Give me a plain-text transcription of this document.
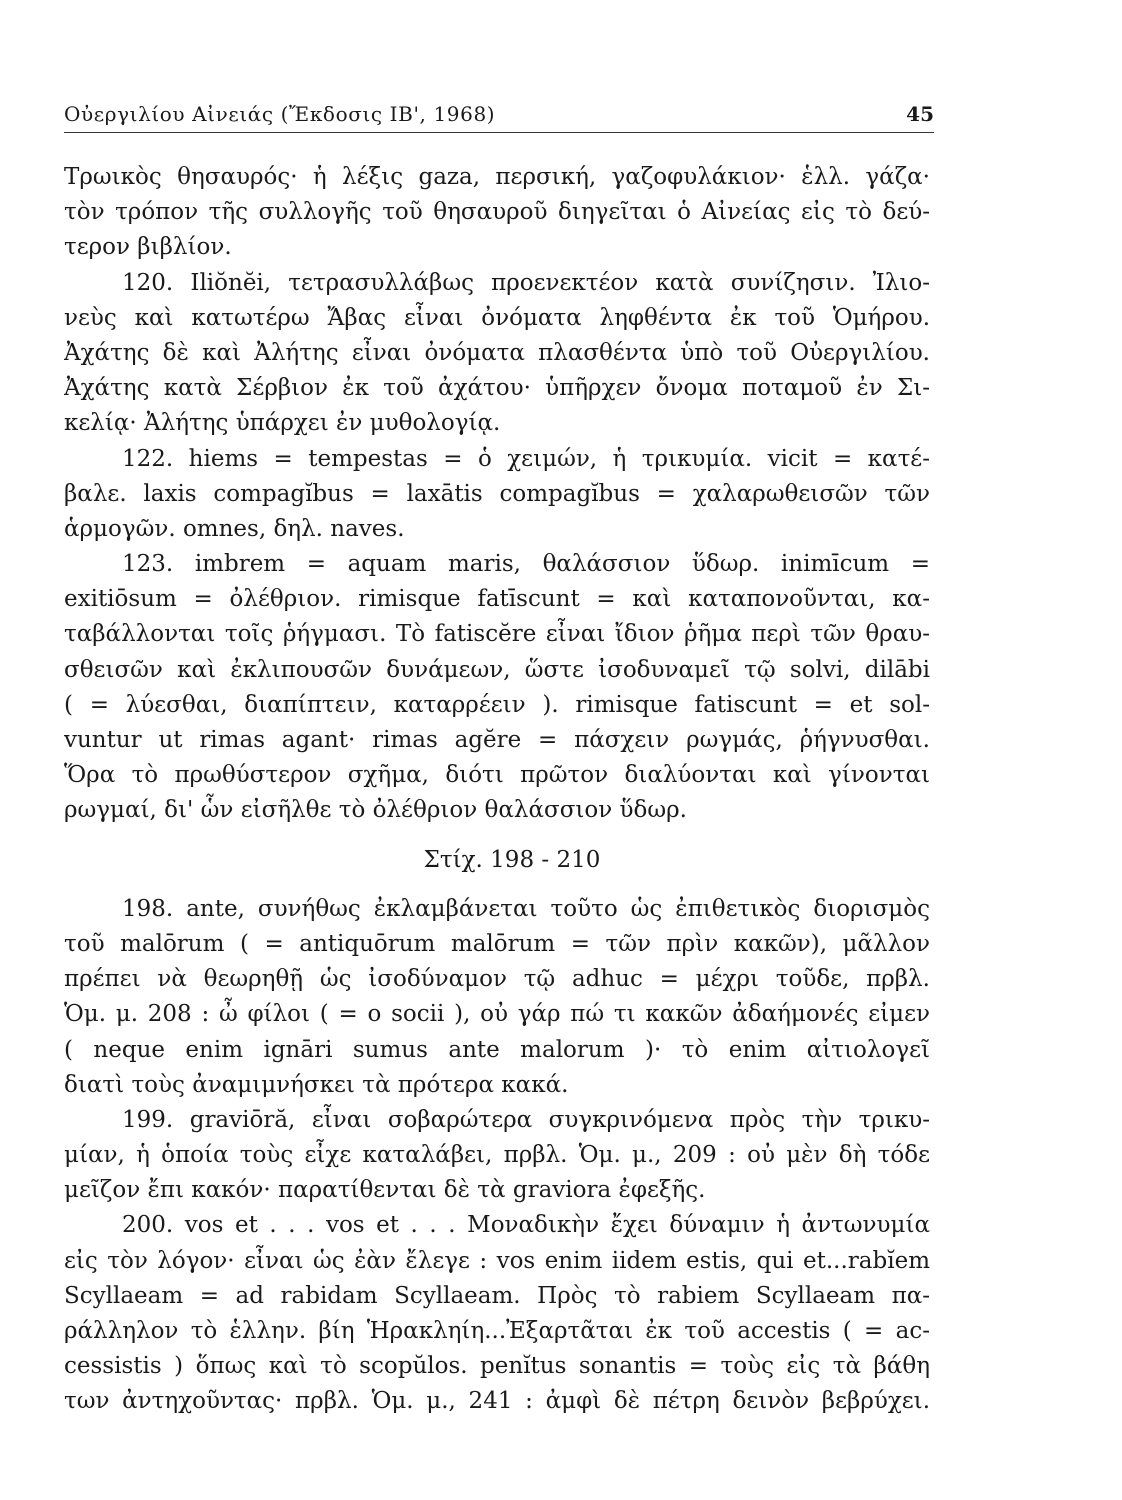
Οὐεργιλίου Αἰνειάς (Ἔκδοσις ΙΒ', 1968)	45
Τρωικὸς θησαυρός· ἡ λέξις gaza, περσική, γαζοφυλάκιον· ἑλλ. γάζα·
τὸν τρόπον τῆς συλλογῆς τοῦ θησαυροῦ διηγεῖται ὁ Αἰνείας εἰς τὸ δεύ-
τερον βιβλίον.
120. Iliŏnĕi, τετρασυλλάβως προενεκτέον κατὰ συνίζησιν. Ἰλιο-
νεὺς καὶ κατωτέρω Ἄβας εἶναι ὀνόματα ληφθέντα ἐκ τοῦ Ὁμήρου.
Ἀχάτης δὲ καὶ Ἀλήτης εἶναι ὀνόματα πλασθέντα ὑπὸ τοῦ Οὐεργιλίου.
Ἀχάτης κατὰ Σέρβιον ἐκ τοῦ ἀχάτου· ὑπῆρχεν ὄνομα ποταμοῦ ἐν Σι-
κελίᾳ· Ἀλήτης ὑπάρχει ἐν μυθολογίᾳ.
122. hiems = tempestas = ὁ χειμών, ἡ τρικυμία. vicit = κατέ-
βαλε. laxis compagĭbus = laxātis compagĭbus = χαλαρωθεισῶν τῶν
ἁρμογῶν. omnes, δηλ. naves.
123. imbrem = aquam maris, θαλάσσιον ὕδωρ. inimīcum =
exitiōsum = ὀλέθριον. rimisque fatīscunt = καὶ καταπονοῦνται, κα-
ταβάλλονται τοῖς ῥήγμασι. Τὸ fatiscĕre εἶναι ἴδιον ῥῆμα περὶ τῶν θραυ-
σθεισῶν καὶ ἐκλιπουσῶν δυνάμεων, ὥστε ἰσοδυναμεῖ τῷ solvi, dilābi
( = λύεσθαι, διαπίπτειν, καταρρέειν ). rimisque fatiscunt = et sol-
vuntur ut rimas agant· rimas agĕre = πάσχειν ρωγμάς, ῥήγνυσθαι.
Ὅρα τὸ πρωθύστερον σχῆμα, διότι πρῶτον διαλύονται καὶ γίνονται
ρωγμαί, δι' ὧν εἰσῆλθε τὸ ὀλέθριον θαλάσσιον ὕδωρ.
Στίχ. 198 - 210
198. ante, συνήθως ἐκλαμβάνεται τοῦτο ὡς ἐπιθετικὸς διορισμὸς
τοῦ malōrum ( = antiquōrum malōrum = τῶν πρὶν κακῶν), μᾶλλον
πρέπει νὰ θεωρηθῇ ὡς ἰσοδύναμον τῷ adhuc = μέχρι τοῦδε, πρβλ.
Ὁμ. μ. 208 : ὦ φίλοι ( = o socii ), οὐ γάρ πώ τι κακῶν ἀδαήμονές εἰμεν
( neque enim ignāri sumus ante malorum )· τὸ enim αἰτιολογεῖ
διατὶ τοὺς ἀναμιμνήσκει τὰ πρότερα κακά.
199. graviōră, εἶναι σοβαρώτερα συγκρινόμενα πρὸς τὴν τρικυ-
μίαν, ἡ ὁποία τοὺς εἶχε καταλάβει, πρβλ. Ὁμ. μ., 209 : οὐ μὲν δὴ τόδε
μεῖζον ἔπι κακόν· παρατίθενται δὲ τὰ graviora ἐφεξῆς.
200. vos et . . . vos et . . . Μοναδικὴν ἔχει δύναμιν ἡ ἀντωνυμία
εἰς τὸν λόγον· εἶναι ὡς ἐὰν ἔλεγε : vos enim iidem estis, qui et...rabĭem
Scyllaeam = ad rabidam Scyllaeam. Πρὸς τὸ rabiem Scyllaeam πα-
ράλληλον τὸ ἑλλην. βίη Ἡρακληίη...Ἐξαρτᾶται ἐκ τοῦ accestis ( = ac-
cessistis ) ὅπως καὶ τὸ scopŭlos. penĭtus sonantis = τοὺς εἰς τὰ βάθη
των ἀντηχοῦντας· πρβλ. Ὁμ. μ., 241 : ἀμφὶ δὲ πέτρη δεινὸν βεβρύχει.
